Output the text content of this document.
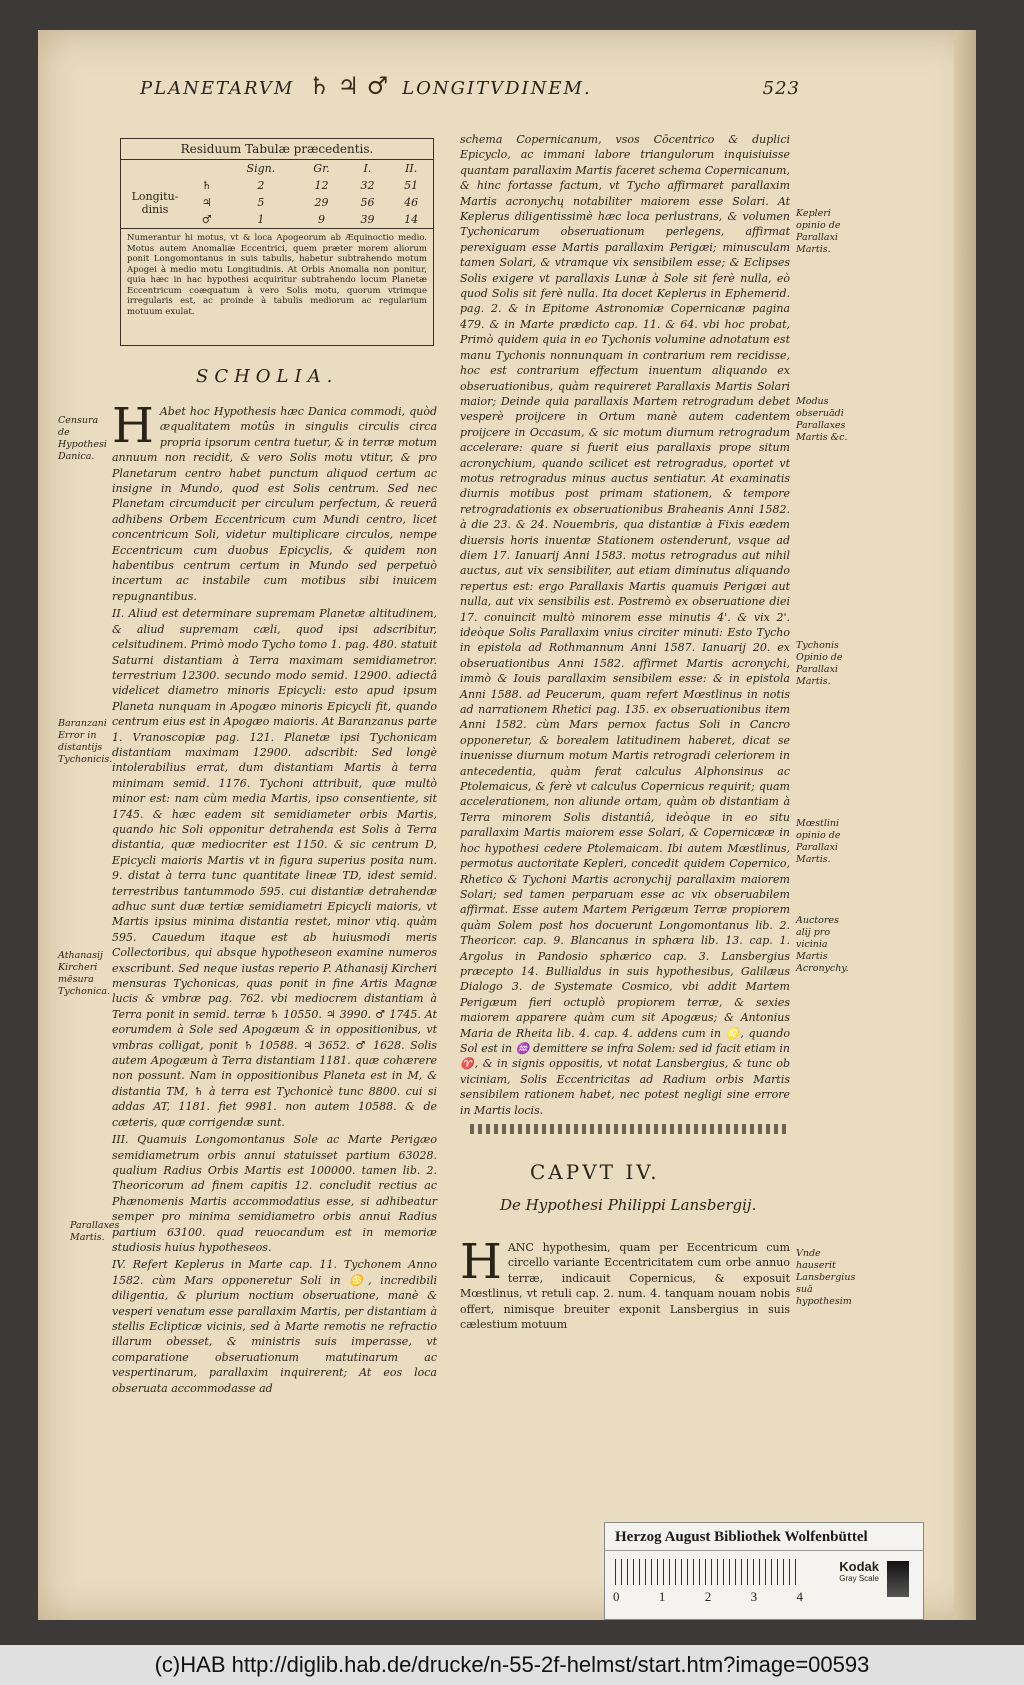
PLANETARVM ♄ ♃ ♂ LONGITVDINEM.	523
Residuum Tabulæ præcedentis.
		Sign.	Gr.	I.	II.
Longitu- dinis	♄	2	12	32	51
	♃	5	29	56	46
	♂	1	9	39	14
Numerantur hi motus, vt & loca Apogeorum ab Æquinoctio medio. Motus autem Anomaliæ Eccentrici, quem præter morem aliorum ponit Longomontanus in suis tabulis, habetur subtrahendo motum Apogei à medio motu Longitudinis. At Orbis Anomalia non ponitur, quia hæc in hac hypothesi acquiritur subtrahendo locum Planetæ Eccentricum coæquatum à vero Solis motu, quorum vtrimque irregularis est, ac proinde à tabulis mediorum ac regularium motuum exulat.
SCHOLIA.

H Abet hoc Hypothesis hæc Danica commodi, quòd æqualitatem motûs in singulis circulis circa propria ipsorum centra tuetur, & in terræ motum annuum non recidit, & vero Solis motu vtitur, & pro Planetarum centro habet punctum aliquod certum ac insigne in Mundo, quod est Solis centrum. Sed nec Planetam circumducit per circulum perfectum, & reuerâ adhibens Orbem Eccentricum cum Mundi centro, licet concentricum Soli, videtur multiplicare circulos, nempe Eccentricum cum duobus Epicyclis, & quidem non habentibus centrum certum in Mundo sed perpetuò incertum ac instabile cum motibus sibi inuicem repugnantibus.

II. Aliud est determinare supremam Planetæ altitudinem, & aliud supremam cæli, quod ipsi adscribitur, celsitudinem. Primò modo Tycho tomo 1. pag. 480. statuit Saturni distantiam à Terra maximam semidiametror. terrestrium 12300. secundo modo semid. 12900. adiectâ videlicet diametro minoris Epicycli: esto apud ipsum Planeta nunquam in Apogæo minoris Epicycli fit, quando centrum eius est in Apogæo maioris. At Baranzanus parte 1. Vranoscopiæ pag. 121. Planetæ ipsi Tychonicam distantiam maximam 12900. adscribit: Sed longè intolerabilius errat, dum distantiam Martis à terra minimam semid. 1176. Tychoni attribuit, quæ multò minor est: nam cùm media Martis, ipso consentiente, sit 1745. & hæc eadem sit semidiameter orbis Martis, quando hic Soli opponitur detrahenda est Solis à Terra distantia, quæ mediocriter est 1150. & sic centrum D, Epicycli maioris Martis vt in figura superius posita num. 9. distat à terra tunc quantitate lineæ TD, idest semid. terrestribus tantummodo 595. cui distantiæ detrahendæ adhuc sunt duæ tertiæ semidiametri Epicycli maioris, vt Martis ipsius minima distantia restet, minor vtiq. quàm 595. Cauedum itaque est ab huiusmodi meris Collectoribus, qui absque hypotheseon examine numeros exscribunt. Sed neque iustas reperio P. Athanasij Kircheri mensuras Tychonicas, quas ponit in fine Artis Magnæ lucis & vmbræ pag. 762. vbi mediocrem distantiam à Terra ponit in semid. terræ ♄ 10550. ♃ 3990. ♂ 1745. At eorumdem à Sole sed Apogæum & in oppositionibus, vt vmbras colligat, ponit ♄ 10588. ♃ 3652. ♂ 1628. Solis autem Apogæum à Terra distantiam 1181. quæ cohærere non possunt. Nam in oppositionibus Planeta est in M, & distantia TM, ♄ à terra est Tychonicè tunc 8800. cui si addas AT, 1181. fiet 9981. non autem 10588. & de cæteris, quæ corrigendæ sunt.

III. Quamuis Longomontanus Sole ac Marte Perigæo semidiametrum orbis annui statuisset partium 63028. qualium Radius Orbis Martis est 100000. tamen lib. 2. Theoricorum ad finem capitis 12. concludit rectius ac Phænomenis Martis accommodatius esse, si adhibeatur semper pro minima semidiametro orbis annui Radius partium 63100. quad reuocandum est in memoriæ studiosis huius hypotheseos.

IV. Refert Keplerus in Marte cap. 11. Tychonem Anno 1582. cùm Mars opponeretur Soli in ♋, incredibili diligentia, & plurium noctium obseruatione, manè & vesperi venatum esse parallaxim Martis, per distantiam à stellis Eclipticæ vicinis, sed à Marte remotis ne refractio illarum obesset, & ministris suis imperasse, vt comparatione obseruationum matutinarum ac vespertinarum, parallaxim inquirerent; At eos loca obseruata accommodasse ad

schema Copernicanum, vsos Cōcentrico & duplici Epicyclo, ac immani labore triangulorum inquisiuisse quantam parallaxim Martis faceret schema Copernicanum, & hinc fortasse factum, vt Tycho affirmaret parallaxim Martis acronychų notabiliter maiorem esse Solari. At Keplerus diligentissimè hæc loca perlustrans, & volumen Tychonicarum obseruationum perlegens, affirmat perexiguam esse Martis parallaxim Perigæi; minusculam tamen Solari, & vtramque vix sensibilem esse; & Eclipses Solis exigere vt parallaxis Lunæ à Sole sit ferè nulla, eò quod Solis sit ferè nulla. Ita docet Keplerus in Ephemerid. pag. 2. & in Epitome Astronomiæ Copernicanæ pagina 479. & in Marte prædicto cap. 11. & 64. vbi hoc probat, Primò quidem quia in eo Tychonis volumine adnotatum est manu Tychonis nonnunquam in contrarium rem recidisse, hoc est contrarium effectum inuentum aliquando ex obseruationibus, quàm requireret Parallaxis Martis Solari maior; Deinde quia parallaxis Martem retrogradum debet vesperè proijcere in Ortum manè autem cadentem proijcere in Occasum, & sic motum diurnum retrogradum accelerare: quare si fuerit eius parallaxis prope situm acronychium, quando scilicet est retrogradus, oportet vt motus retrogradus minus auctus sentiatur. At examinatis diurnis motibus post primam stationem, & tempore retrogradationis ex obseruationibus Braheanis Anni 1582. à die 23. & 24. Nouembris, qua distantiæ à Fixis eædem diuersis horis inuentæ Stationem ostenderunt, vsque ad diem 17. Ianuarij Anni 1583. motus retrogradus aut nihil auctus, aut vix sensibiliter, aut etiam diminutus aliquando repertus est: ergo Parallaxis Martis quamuis Perigæi aut nulla, aut vix sensibilis est. Postremò ex obseruatione diei 17. conuincit multò minorem esse minutis 4'. & vix 2'. ideòque Solis Parallaxim vnius circiter minuti: Esto Tycho in epistola ad Rothmannum Anni 1587. Ianuarij 20. ex obseruationibus Anni 1582. affirmet Martis acronychi, immò & Iouis parallaxim sensibilem esse: & in epistola Anni 1588. ad Peucerum, quam refert Mœstlinus in notis ad narrationem Rhetici pag. 135. ex obseruationibus item Anni 1582. cùm Mars pernox factus Soli in Cancro opponeretur, & borealem latitudinem haberet, dicat se inuenisse diurnum motum Martis retrogradi celeriorem in antecedentia, quàm ferat calculus Alphonsinus ac Ptolemaicus, & ferè vt calculus Copernicus requirit; quam accelerationem, non aliunde ortam, quàm ob distantiam à Terra minorem Solis distantiâ, ideòque in eo situ parallaxim Martis maiorem esse Solari, & Copernicææ in hoc hypothesi cedere Ptolemaicam. Ibi autem Mœstlinus, permotus auctoritate Kepleri, concedit quidem Copernico, Rhetico & Tychoni Martis acronychij parallaxim maiorem Solari; sed tamen perparuam esse ac vix obseruabilem affirmat. Esse autem Martem Perigæum Terræ propiorem quàm Solem post hos docuerunt Longomontanus lib. 2. Theoricor. cap. 9. Blancanus in sphæra lib. 13. cap. 1. Argolus in Pandosio sphærico cap. 3. Lansbergius præcepto 14. Bullialdus in suis hypothesibus, Galilæus Dialogo 3. de Systemate Cosmico, vbi addit Martem Perigæum fieri octuplò propiorem terræ, & sexies maiorem apparere quàm cum sit Apogæus; & Antonius Maria de Rheita lib. 4. cap. 4. addens cum in ♌, quando Sol est in ♒ demittere se infra Solem: sed id facit etiam in ♈, & in signis oppositis, vt notat Lansbergius, & tunc ob viciniam, Solis Eccentricitas ad Radium orbis Martis sensibilem rationem habet, nec potest negligi sine errore in Martis locis.

CAPVT IV.
De Hypothesi Philippi Lansbergij.

HANC hypothesim, quam per Eccentricum cum circello variante Eccentricitatem cum orbe annuo terræ, indicauit Copernicus, & exposuit Mœstlinus, vt retuli cap. 2. num. 4. tanquam nouam nobis offert, nimisque breuiter exponit Lansbergius in suis cælestium motuum

Censura de Hypothesi Danica.
Baranzani Error in distantijs Tychonicis.
Athanasij Kircheri mēsura Tychonica.
Parallaxes Martis.
Kepleri opinio de Parallaxi Martis.
Modus obseruādi Parallaxes Martis &c.
Tychonis Opinio de Parallaxi Martis.
Mœstlini opinio de Parallaxi Martis.
Auctores alij pro vicinia Martis Acronychy.
Vnde hauserit Lansbergius suā hypothesim
Herzog August Bibliothek Wolfenbüttel
0	1	2	3	4
Kodak
Gray Scale
(c)HAB http://diglib.hab.de/drucke/n-55-2f-helmst/start.htm?image=00593
